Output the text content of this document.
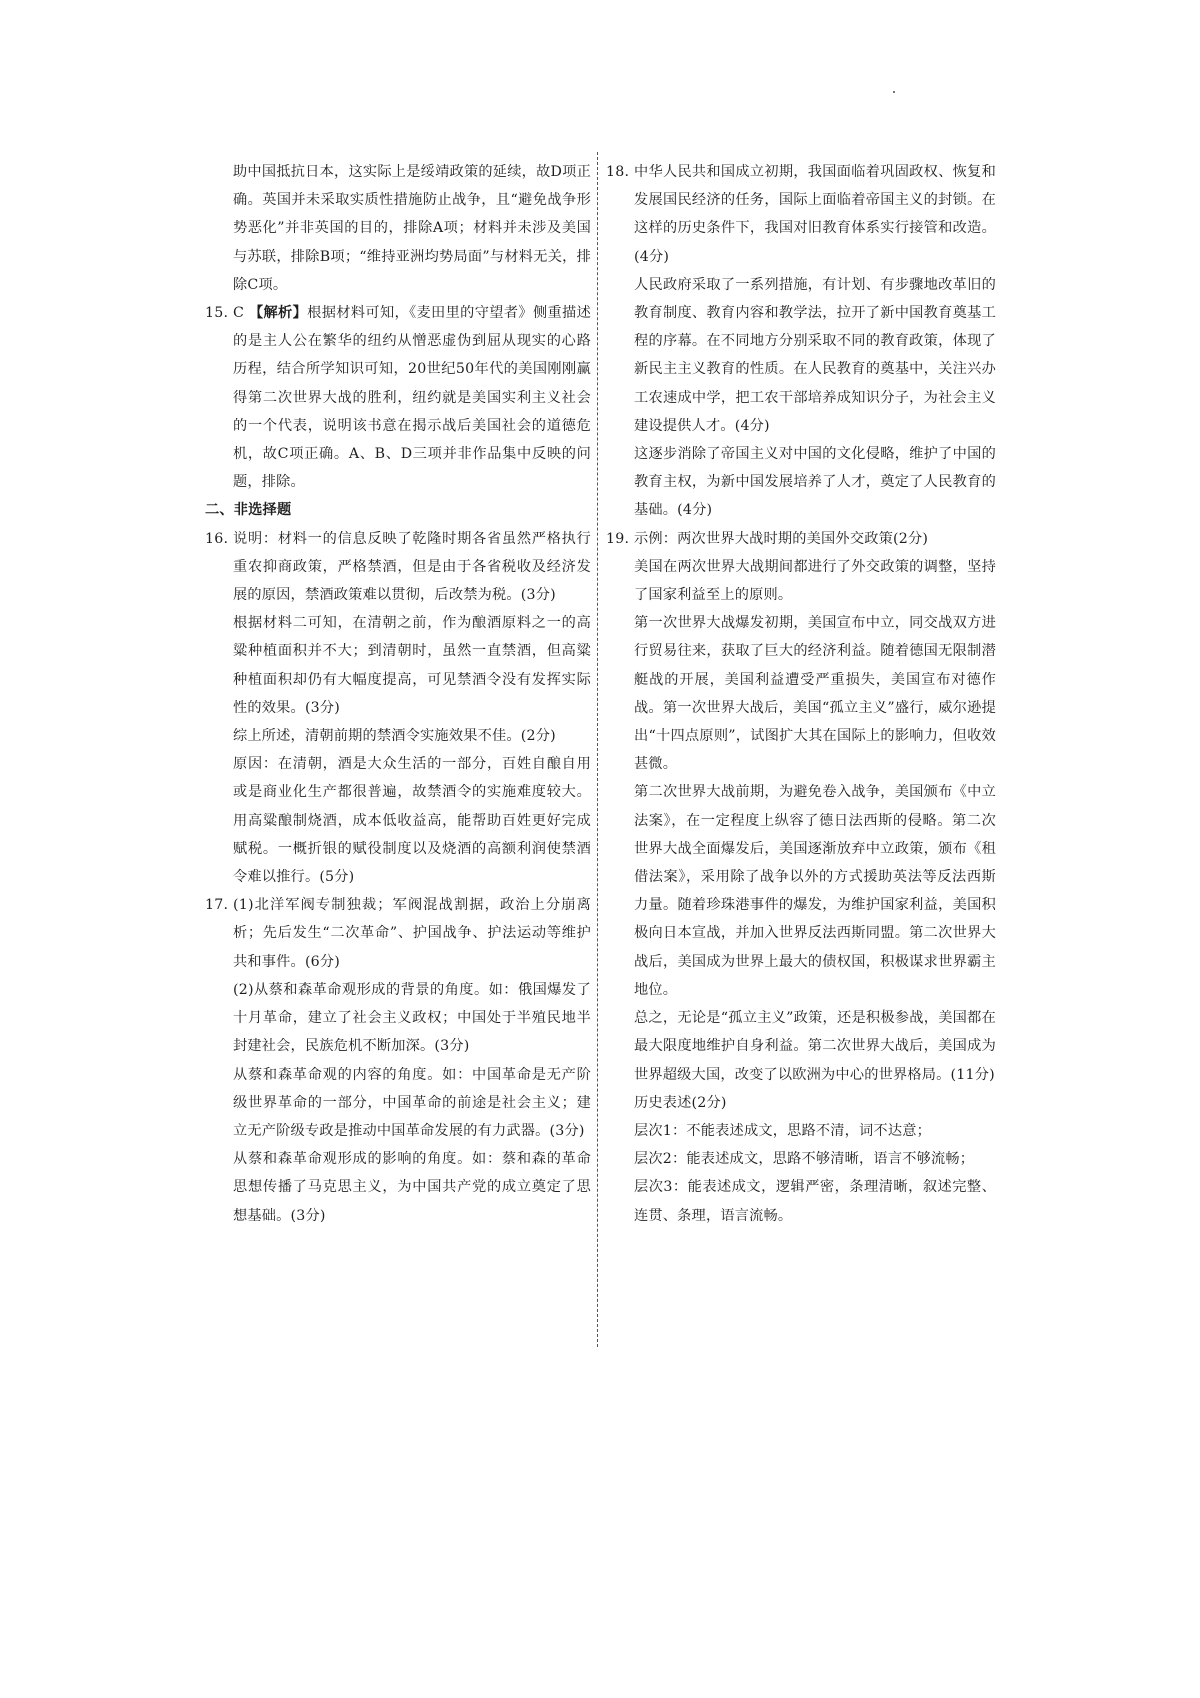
助中国抵抗日本，这实际上是绥靖政策的延续，故D项正确。英国并未采取实质性措施防止战争，且“避免战争形势恶化”并非英国的目的，排除A项；材料并未涉及美国与苏联，排除B项；“维持亚洲均势局面”与材料无关，排除C项。

15. C 【解析】根据材料可知，《麦田里的守望者》侧重描述的是主人公在繁华的纽约从憎恶虚伪到屈从现实的心路历程，结合所学知识可知，20世纪50年代的美国刚刚赢得第二次世界大战的胜利，纽约就是美国实利主义社会的一个代表，说明该书意在揭示战后美国社会的道德危机，故C项正确。A、B、D三项并非作品集中反映的问题，排除。

二、非选择题

16. 说明：材料一的信息反映了乾隆时期各省虽然严格执行重农抑商政策，严格禁酒，但是由于各省税收及经济发展的原因，禁酒政策难以贯彻，后改禁为税。(3分)

根据材料二可知，在清朝之前，作为酿酒原料之一的高粱种植面积并不大；到清朝时，虽然一直禁酒，但高粱种植面积却仍有大幅度提高，可见禁酒令没有发挥实际性的效果。(3分)

综上所述，清朝前期的禁酒令实施效果不佳。(2分)

原因：在清朝，酒是大众生活的一部分，百姓自酿自用或是商业化生产都很普遍，故禁酒令的实施难度较大。用高粱酿制烧酒，成本低收益高，能帮助百姓更好完成赋税。一概折银的赋役制度以及烧酒的高额利润使禁酒令难以推行。(5分)

17. (1)北洋军阀专制独裁；军阀混战割据，政治上分崩离析；先后发生“二次革命”、护国战争、护法运动等维护共和事件。(6分)

(2)从蔡和森革命观形成的背景的角度。如：俄国爆发了十月革命，建立了社会主义政权；中国处于半殖民地半封建社会，民族危机不断加深。(3分)

从蔡和森革命观的内容的角度。如：中国革命是无产阶级世界革命的一部分，中国革命的前途是社会主义；建立无产阶级专政是推动中国革命发展的有力武器。(3分)

从蔡和森革命观形成的影响的角度。如：蔡和森的革命思想传播了马克思主义，为中国共产党的成立奠定了思想基础。(3分)

18. 中华人民共和国成立初期，我国面临着巩固政权、恢复和发展国民经济的任务，国际上面临着帝国主义的封锁。在这样的历史条件下，我国对旧教育体系实行接管和改造。(4分)

人民政府采取了一系列措施，有计划、有步骤地改革旧的教育制度、教育内容和教学法，拉开了新中国教育奠基工程的序幕。在不同地方分别采取不同的教育政策，体现了新民主主义教育的性质。在人民教育的奠基中，关注兴办工农速成中学，把工农干部培养成知识分子，为社会主义建设提供人才。(4分)

这逐步消除了帝国主义对中国的文化侵略，维护了中国的教育主权，为新中国发展培养了人才，奠定了人民教育的基础。(4分)

19. 示例：两次世界大战时期的美国外交政策(2分)

美国在两次世界大战期间都进行了外交政策的调整，坚持了国家利益至上的原则。

第一次世界大战爆发初期，美国宣布中立，同交战双方进行贸易往来，获取了巨大的经济利益。随着德国无限制潜艇战的开展，美国利益遭受严重损失，美国宣布对德作战。第一次世界大战后，美国“孤立主义”盛行，威尔逊提出“十四点原则”，试图扩大其在国际上的影响力，但收效甚微。

第二次世界大战前期，为避免卷入战争，美国颁布《中立法案》，在一定程度上纵容了德日法西斯的侵略。第二次世界大战全面爆发后，美国逐渐放弃中立政策，颁布《租借法案》，采用除了战争以外的方式援助英法等反法西斯力量。随着珍珠港事件的爆发，为维护国家利益，美国积极向日本宣战，并加入世界反法西斯同盟。第二次世界大战后，美国成为世界上最大的债权国，积极谋求世界霸主地位。

总之，无论是“孤立主义”政策，还是积极参战，美国都在最大限度地维护自身利益。第二次世界大战后，美国成为世界超级大国，改变了以欧洲为中心的世界格局。(11分)

历史表述(2分)

层次1：不能表述成文，思路不清，词不达意；

层次2：能表述成文，思路不够清晰，语言不够流畅；

层次3：能表述成文，逻辑严密，条理清晰，叙述完整、连贯、条理，语言流畅。
